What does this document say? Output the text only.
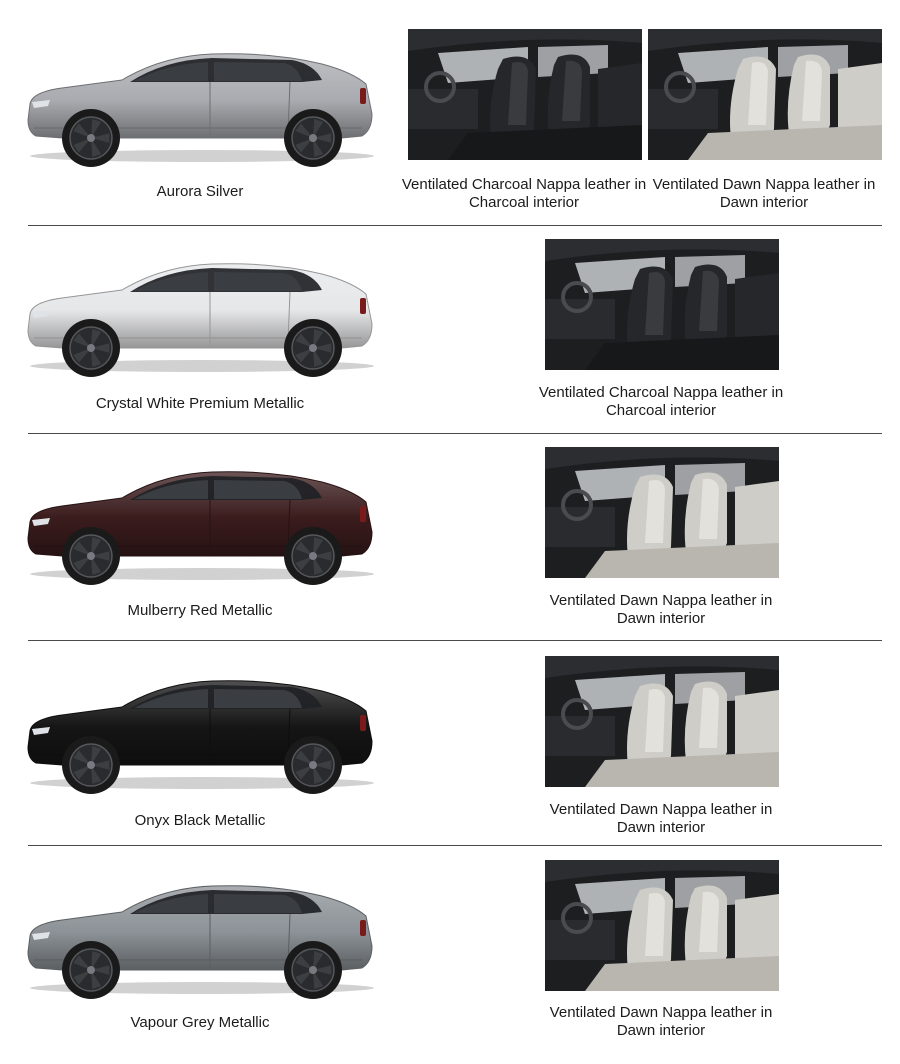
Aurora Silver	Ventilated Charcoal Nappa leather in Charcoal interior
Ventilated Dawn Nappa leather in Dawn interior
Crystal White Premium Metallic
Ventilated Charcoal Nappa leather in Charcoal interior
Mulberry Red Metallic
Ventilated Dawn Nappa leather in Dawn interior
Onyx Black Metallic
Ventilated Dawn Nappa leather in Dawn interior
Vapour Grey Metallic
Ventilated Dawn Nappa leather in Dawn interior
